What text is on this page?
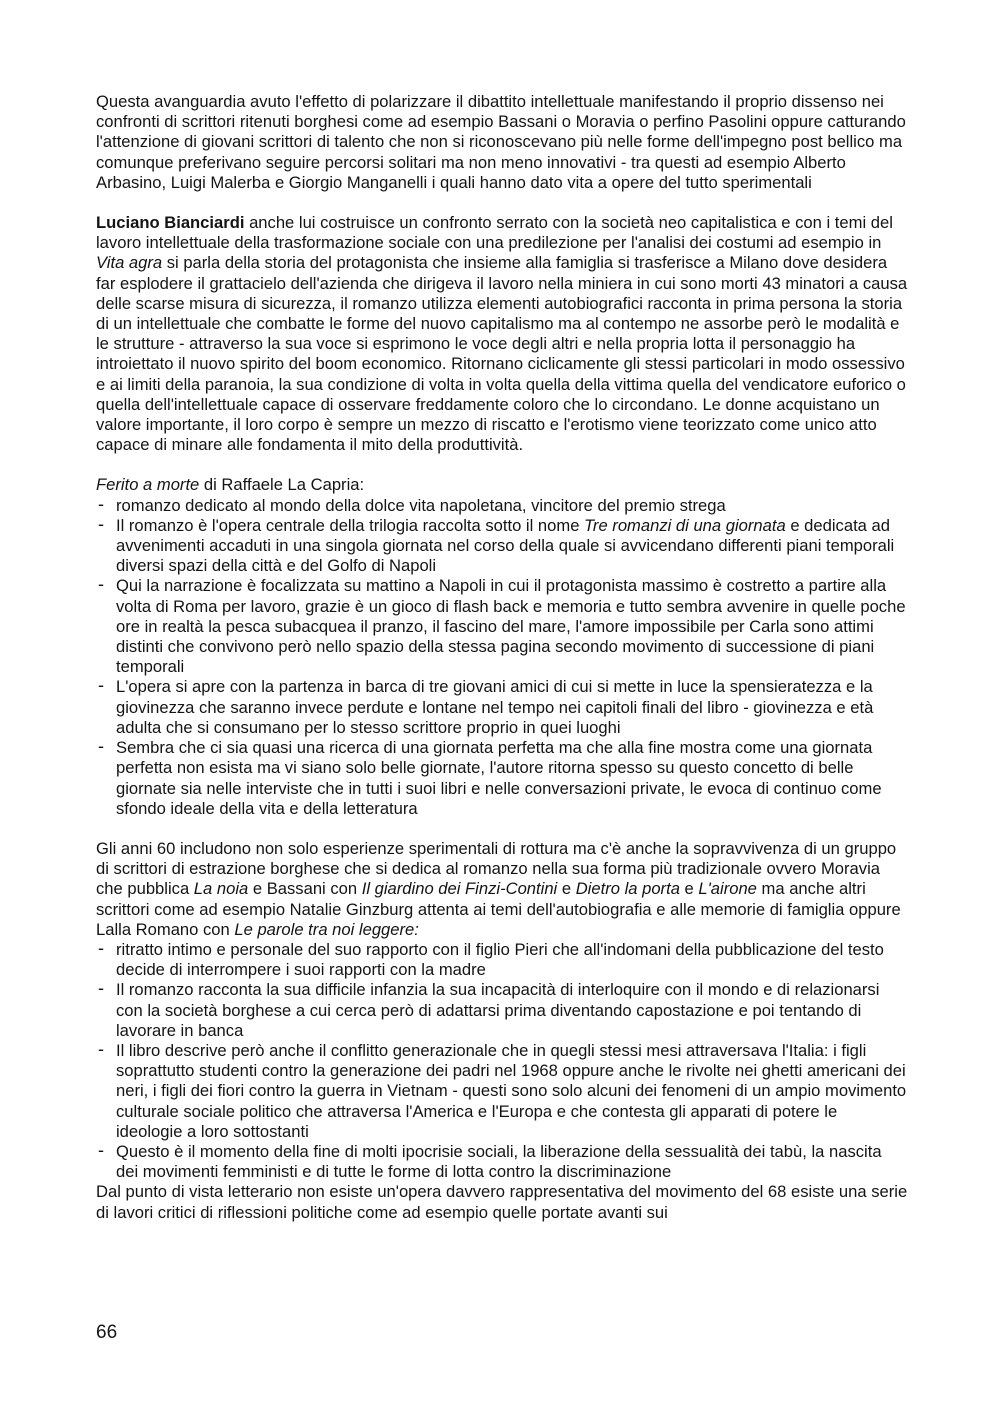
Questa avanguardia avuto l'effetto di polarizzare il dibattito intellettuale manifestando il proprio dissenso nei confronti di scrittori ritenuti borghesi come ad esempio Bassani o Moravia o perfino Pasolini oppure catturando l'attenzione di giovani scrittori di talento che non si riconoscevano più nelle forme dell'impegno post bellico ma comunque preferivano seguire percorsi solitari ma non meno innovativi - tra questi ad esempio Alberto Arbasino, Luigi Malerba e Giorgio Manganelli i quali hanno dato vita a opere del tutto sperimentali

Luciano Bianciardi anche lui costruisce un confronto serrato con la società neo capitalistica e con i temi del lavoro intellettuale della trasformazione sociale con una predilezione per l'analisi dei costumi ad esempio in Vita agra si parla della storia del protagonista che insieme alla famiglia si trasferisce a Milano dove desidera far esplodere il grattacielo dell'azienda che dirigeva il lavoro nella miniera in cui sono morti 43 minatori a causa delle scarse misura di sicurezza, il romanzo utilizza elementi autobiografici racconta in prima persona la storia di un intellettuale che combatte le forme del nuovo capitalismo ma al contempo ne assorbe però le modalità e le strutture - attraverso la sua voce si esprimono le voce degli altri e nella propria lotta il personaggio ha introiettato il nuovo spirito del boom economico. Ritornano ciclicamente gli stessi particolari in modo ossessivo e ai limiti della paranoia, la sua condizione di volta in volta quella della vittima quella del vendicatore euforico o quella dell'intellettuale capace di osservare freddamente coloro che lo circondano. Le donne acquistano un valore importante, il loro corpo è sempre un mezzo di riscatto e l'erotismo viene teorizzato come unico atto capace di minare alle fondamenta il mito della produttività.

Ferito a morte di Raffaele La Capria:

- romanzo dedicato al mondo della dolce vita napoletana, vincitore del premio strega
- Il romanzo è l'opera centrale della trilogia raccolta sotto il nome Tre romanzi di una giornata e dedicata ad avvenimenti accaduti in una singola giornata nel corso della quale si avvicendano differenti piani temporali diversi spazi della città e del Golfo di Napoli
- Qui la narrazione è focalizzata su mattino a Napoli in cui il protagonista massimo è costretto a partire alla volta di Roma per lavoro, grazie è un gioco di flash back e memoria e tutto sembra avvenire in quelle poche ore in realtà la pesca subacquea il pranzo, il fascino del mare, l'amore impossibile per Carla sono attimi distinti che convivono però nello spazio della stessa pagina secondo movimento di successione di piani temporali
- L'opera si apre con la partenza in barca di tre giovani amici di cui si mette in luce la spensieratezza e la giovinezza che saranno invece perdute e lontane nel tempo nei capitoli finali del libro - giovinezza e età adulta che si consumano per lo stesso scrittore proprio in quei luoghi
- Sembra che ci sia quasi una ricerca di una giornata perfetta ma che alla fine mostra come una giornata perfetta non esista ma vi siano solo belle giornate, l'autore ritorna spesso su questo concetto di belle giornate sia nelle interviste che in tutti i suoi libri e nelle conversazioni private, le evoca di continuo come sfondo ideale della vita e della letteratura

Gli anni 60 includono non solo esperienze sperimentali di rottura ma c'è anche la sopravvivenza di un gruppo di scrittori di estrazione borghese che si dedica al romanzo nella sua forma più tradizionale ovvero Moravia che pubblica La noia e Bassani con Il giardino dei Finzi-Contini e Dietro la porta e L'airone ma anche altri scrittori come ad esempio Natalie Ginzburg attenta ai temi dell'autobiografia e alle memorie di famiglia oppure Lalla Romano con Le parole tra noi leggere:

- ritratto intimo e personale del suo rapporto con il figlio Pieri che all'indomani della pubblicazione del testo decide di interrompere i suoi rapporti con la madre
- Il romanzo racconta la sua difficile infanzia la sua incapacità di interloquire con il mondo e di relazionarsi con la società borghese a cui cerca però di adattarsi prima diventando capostazione e poi tentando di lavorare in banca
- Il libro descrive però anche il conflitto generazionale che in quegli stessi mesi attraversava l'Italia: i figli soprattutto studenti contro la generazione dei padri nel 1968 oppure anche le rivolte nei ghetti americani dei neri, i figli dei fiori contro la guerra in Vietnam - questi sono solo alcuni dei fenomeni di un ampio movimento culturale sociale politico che attraversa l'America e l'Europa e che contesta gli apparati di potere le ideologie a loro sottostanti
- Questo è il momento della fine di molti ipocrisie sociali, la liberazione della sessualità dei tabù, la nascita dei movimenti femministi e di tutte le forme di lotta contro la discriminazione

Dal punto di vista letterario non esiste un'opera davvero rappresentativa del movimento del 68 esiste una serie di lavori critici di riflessioni politiche come ad esempio quelle portate avanti sui

66
